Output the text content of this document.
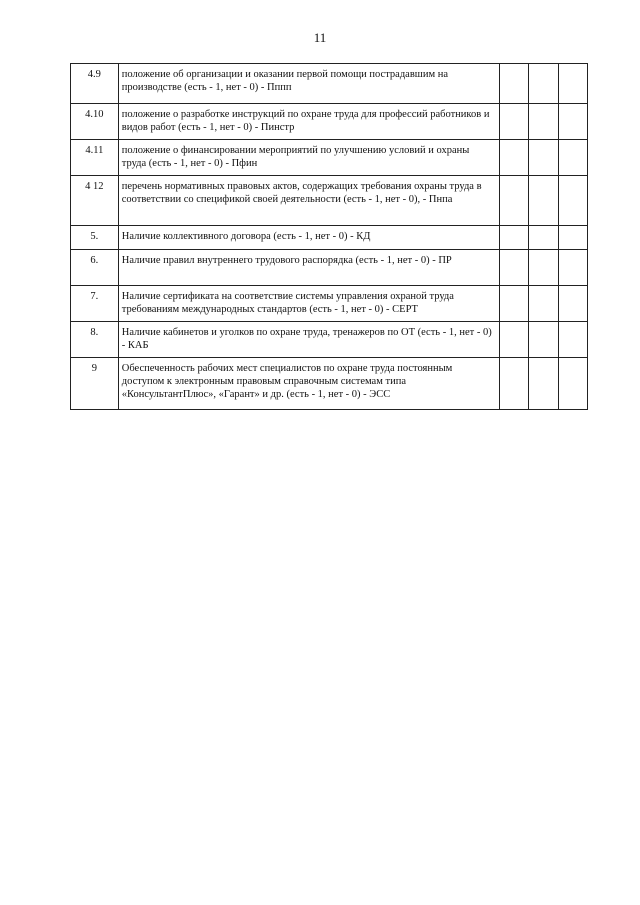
11
4.9	положение об организации и оказании первой помощи пострадавшим на производстве (есть - 1, нет - 0) - Пппп			
4.10	положение о разработке инструкций по охране труда для профессий работников и видов работ (есть - 1, нет - 0) - Пинстр			
4.11	положение о финансировании мероприятий по улучшению условий и охраны труда (есть - 1, нет - 0) - Пфин			
4 12	перечень нормативных правовых актов, содержащих требования охраны труда в соответствии со спецификой своей деятельности (есть - 1, нет - 0), - Пнпа			
5.	Наличие коллективного договора (есть - 1, нет - 0) - КД			
6.	Наличие правил внутреннего трудового распорядка (есть - 1, нет - 0) - ПР			
7.	Наличие сертификата на соответствие системы управления охраной труда требованиям международных стандартов (есть - 1, нет - 0) - СЕРТ			
8.	Наличие кабинетов и уголков по охране труда, тренажеров по ОТ (есть - 1, нет - 0) - КАБ			
9	Обеспеченность рабочих мест специалистов по охране труда постоянным доступом к электронным правовым справочным системам типа «КонсультантПлюс», «Гарант» и др. (есть - 1, нет - 0) - ЭСС			
